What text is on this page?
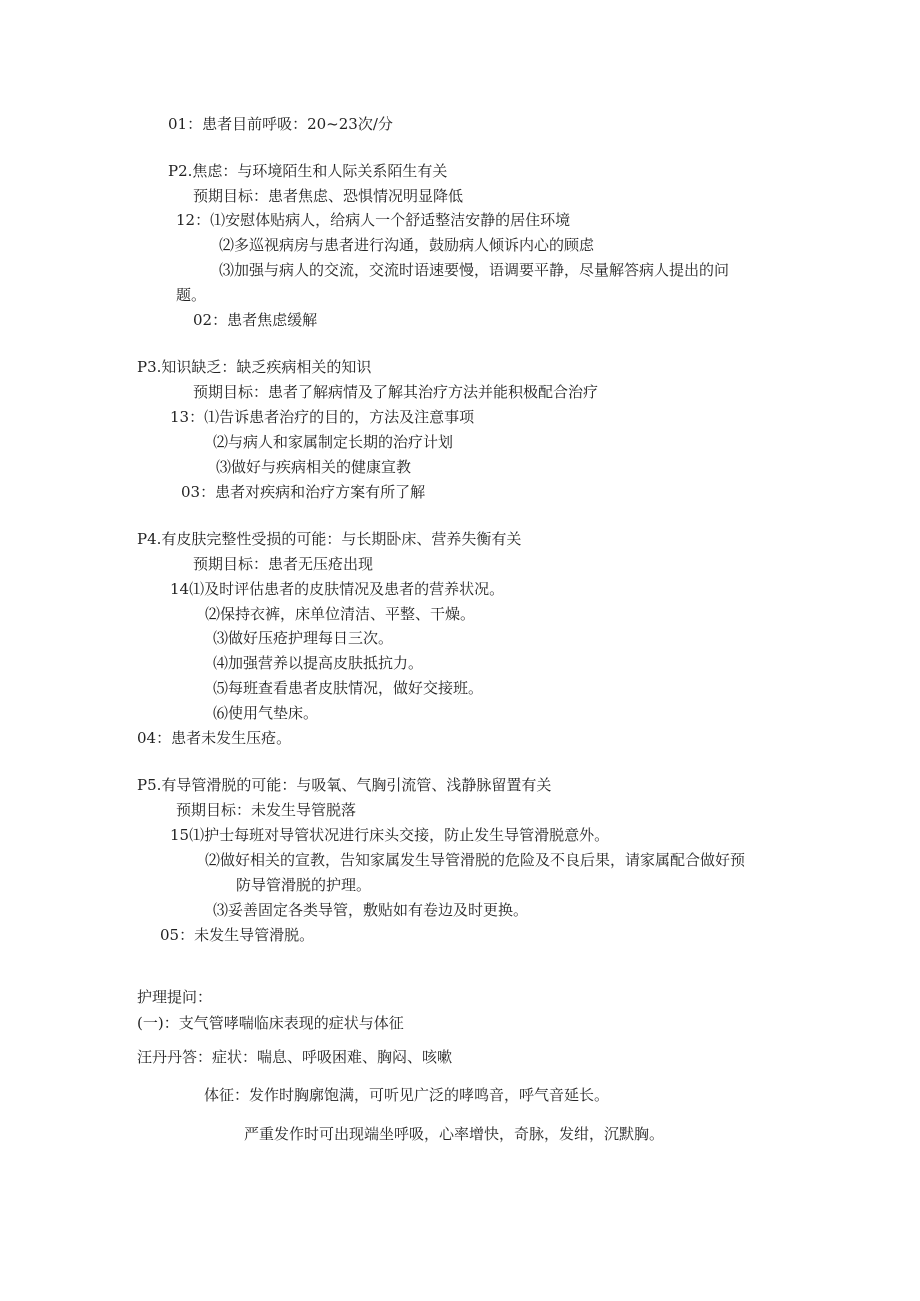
01：患者目前呼吸：20~23次/分
P2.焦虑：与环境陌生和人际关系陌生有关
预期目标：患者焦虑、恐惧情况明显降低
12：⑴安慰体贴病人，给病人一个舒适整洁安静的居住环境
⑵多巡视病房与患者进行沟通，鼓励病人倾诉内心的顾虑
⑶加强与病人的交流，交流时语速要慢，语调要平静，尽量解答病人提出的问
题。
02：患者焦虑缓解
P3.知识缺乏：缺乏疾病相关的知识
预期目标：患者了解病情及了解其治疗方法并能积极配合治疗
13：⑴告诉患者治疗的目的，方法及注意事项
⑵与病人和家属制定长期的治疗计划
⑶做好与疾病相关的健康宣教
03：患者对疾病和治疗方案有所了解
P4.有皮肤完整性受损的可能：与长期卧床、营养失衡有关
预期目标：患者无压疮出现
14⑴及时评估患者的皮肤情况及患者的营养状况。
⑵保持衣裤，床单位清洁、平整、干燥。
⑶做好压疮护理每日三次。
⑷加强营养以提高皮肤抵抗力。
⑸每班查看患者皮肤情况，做好交接班。
⑹使用气垫床。
04：患者未发生压疮。
P5.有导管滑脱的可能：与吸氧、气胸引流管、浅静脉留置有关
预期目标：未发生导管脱落
15⑴护士每班对导管状况进行床头交接，防止发生导管滑脱意外。
⑵做好相关的宣教，告知家属发生导管滑脱的危险及不良后果，请家属配合做好预
防导管滑脱的护理。
⑶妥善固定各类导管，敷贴如有卷边及时更换。
05：未发生导管滑脱。
护理提问：
(一)：支气管哮喘临床表现的症状与体征
汪丹丹答：症状：喘息、呼吸困难、胸闷、咳嗽
体征：发作时胸廓饱满，可听见广泛的哮鸣音，呼气音延长。
严重发作时可出现端坐呼吸，心率增快，奇脉，发绀，沉默胸。
